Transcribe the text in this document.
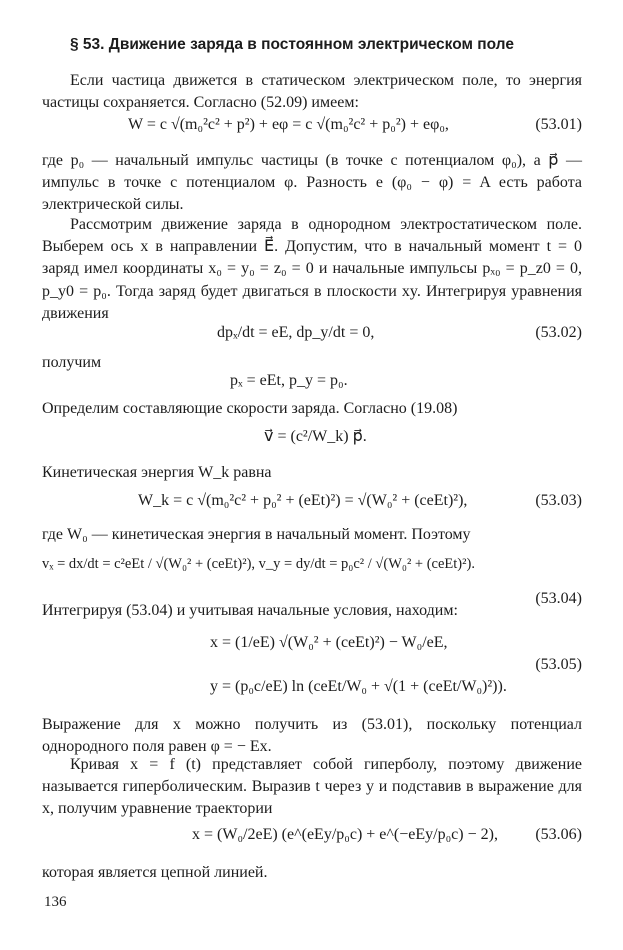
§ 53. Движение заряда в постоянном электрическом поле
Если частица движется в статическом электрическом поле, то энергия частицы сохраняется. Согласно (52.09) имеем:
W = c √(m₀²c² + p²) + eφ = c √(m₀²c² + p₀²) + eφ₀,	(53.01)
где p₀ — начальный импульс частицы (в точке с потенциалом φ₀), а p⃗ — импульс в точке с потенциалом φ. Разность e (φ₀ − φ) = A есть работа электрической силы.
Рассмотрим движение заряда в однородном электростатическом поле. Выберем ось x в направлении E⃗. Допустим, что в начальный момент t = 0 заряд имел координаты x₀ = y₀ = z₀ = 0 и начальные импульсы pₓ₀ = p_z0 = 0, p_y0 = p₀. Тогда заряд будет двигаться в плоскости xy. Интегрируя уравнения движения
dpₓ/dt = eE, dp_y/dt = 0,	(53.02)
получим
pₓ = eEt, p_y = p₀.
Определим составляющие скорости заряда. Согласно (19.08)
v⃗ = (c²/W_k) p⃗.
Кинетическая энергия W_k равна
W_k = c √(m₀²c² + p₀² + (eEt)²) = √(W₀² + (ceEt)²),	(53.03)
где W₀ — кинетическая энергия в начальный момент. Поэтому
vₓ = dx/dt = c²eEt / √(W₀² + (ceEt)²), v_y = dy/dt = p₀c² / √(W₀² + (ceEt)²).
(53.04)
Интегрируя (53.04) и учитывая начальные условия, находим:
x = (1/eE) √(W₀² + (ceEt)²) − W₀/eE,
(53.05)
y = (p₀c/eE) ln (ceEt/W₀ + √(1 + (ceEt/W₀)²)).
Выражение для x можно получить из (53.01), поскольку потенциал однородного поля равен φ = − Ex.
Кривая x = f (t) представляет собой гиперболу, поэтому движение называется гиперболическим. Выразив t через y и подставив в выражение для x, получим уравнение траектории
x = (W₀/2eE) (e^(eEy/p₀c) + e^(−eEy/p₀c) − 2), (53.06)
которая является цепной линией.
136
